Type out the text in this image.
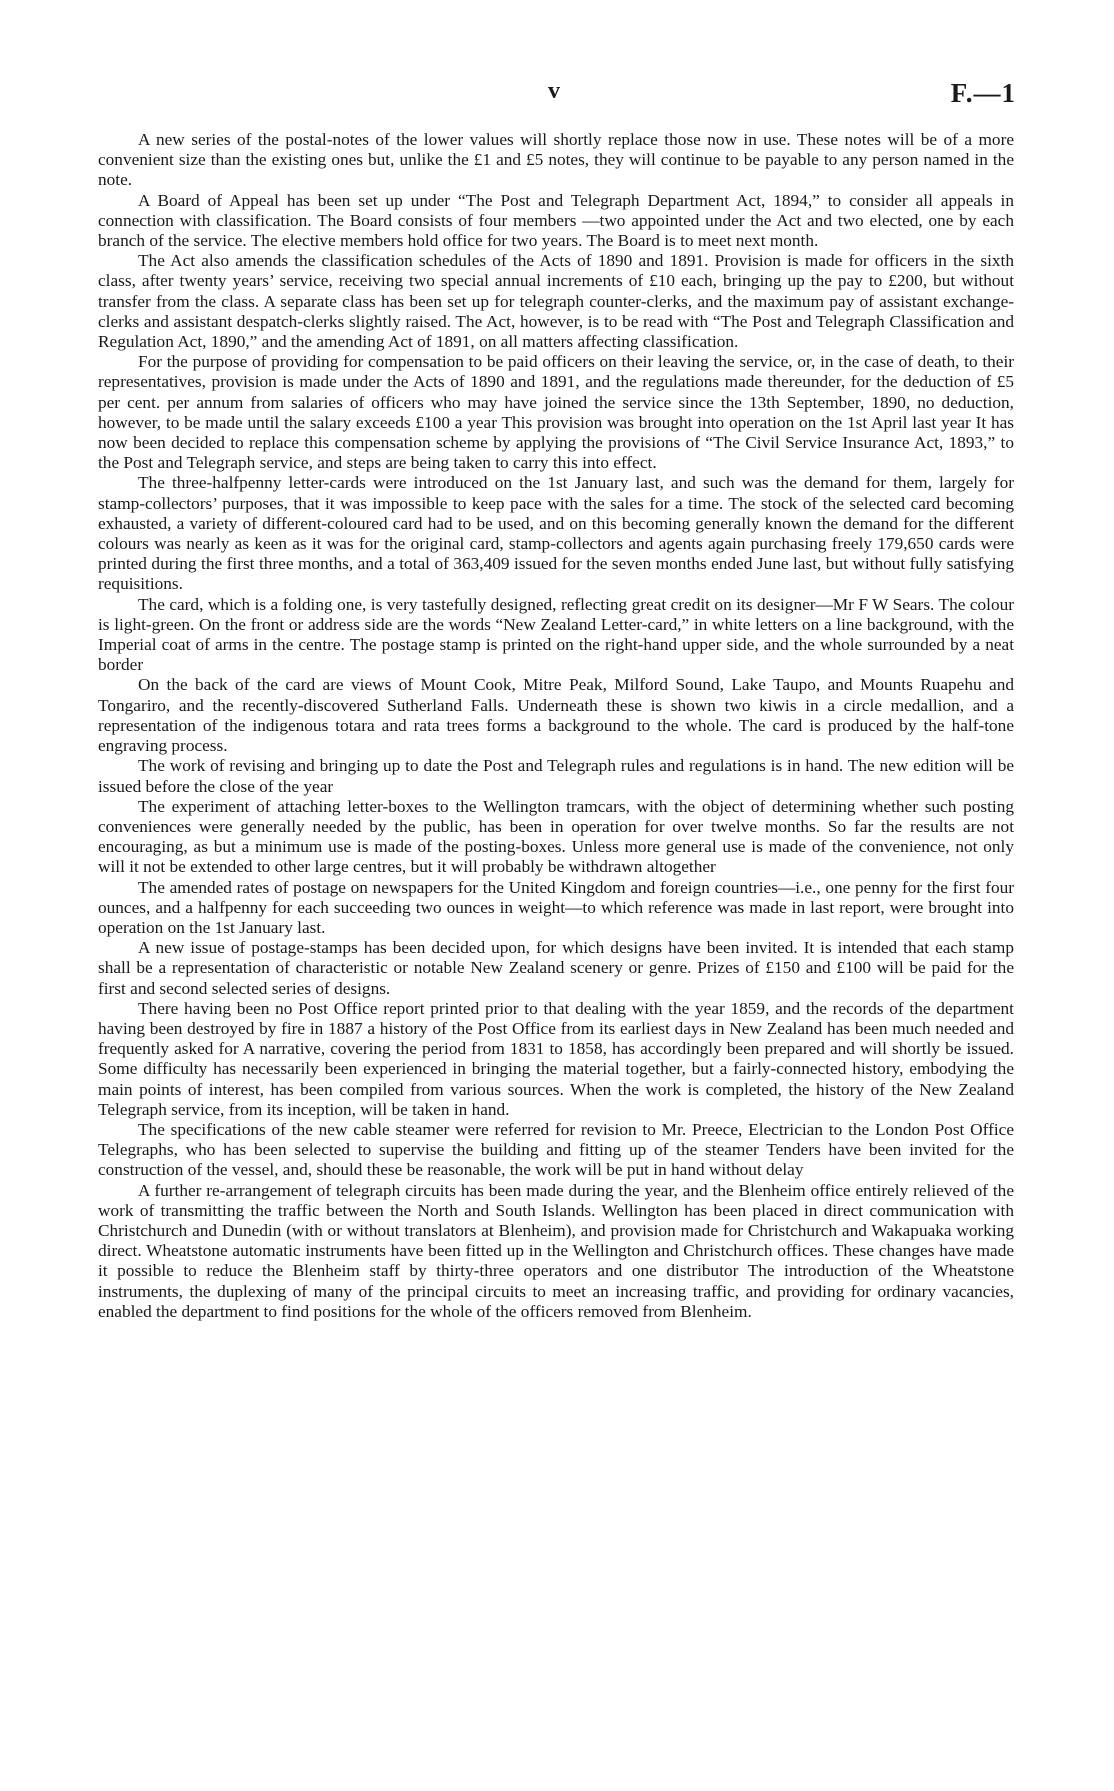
v	F.—1

A new series of the postal-notes of the lower values will shortly replace those now in use. These notes will be of a more convenient size than the existing ones but, unlike the £1 and £5 notes, they will continue to be payable to any person named in the note.

A Board of Appeal has been set up under “The Post and Telegraph Department Act, 1894,” to consider all appeals in connection with classification. The Board consists of four members —two appointed under the Act and two elected, one by each branch of the service. The elective members hold office for two years. The Board is to meet next month.

The Act also amends the classification schedules of the Acts of 1890 and 1891. Provision is made for officers in the sixth class, after twenty years’ service, receiving two special annual increments of £10 each, bringing up the pay to £200, but without transfer from the class. A separate class has been set up for telegraph counter-clerks, and the maximum pay of assistant exchange-clerks and assistant despatch-clerks slightly raised. The Act, however, is to be read with “The Post and Telegraph Classification and Regulation Act, 1890,” and the amending Act of 1891, on all matters affecting classification.

For the purpose of providing for compensation to be paid officers on their leaving the service, or, in the case of death, to their representatives, provision is made under the Acts of 1890 and 1891, and the regulations made thereunder, for the deduction of £5 per cent. per annum from salaries of officers who may have joined the service since the 13th September, 1890, no deduction, however, to be made until the salary exceeds £100 a year This provision was brought into operation on the 1st April last year It has now been decided to replace this compensation scheme by applying the provisions of “The Civil Service Insurance Act, 1893,” to the Post and Telegraph service, and steps are being taken to carry this into effect.

The three-halfpenny letter-cards were introduced on the 1st January last, and such was the demand for them, largely for stamp-collectors’ purposes, that it was impossible to keep pace with the sales for a time. The stock of the selected card becoming exhausted, a variety of different-coloured card had to be used, and on this becoming generally known the demand for the different colours was nearly as keen as it was for the original card, stamp-collectors and agents again purchasing freely 179,650 cards were printed during the first three months, and a total of 363,409 issued for the seven months ended June last, but without fully satisfying requisitions.

The card, which is a folding one, is very tastefully designed, reflecting great credit on its designer—Mr F W Sears. The colour is light-green. On the front or address side are the words “New Zealand Letter-card,” in white letters on a line background, with the Imperial coat of arms in the centre. The postage stamp is printed on the right-hand upper side, and the whole surrounded by a neat border

On the back of the card are views of Mount Cook, Mitre Peak, Milford Sound, Lake Taupo, and Mounts Ruapehu and Tongariro, and the recently-discovered Sutherland Falls. Underneath these is shown two kiwis in a circle medallion, and a representation of the indigenous totara and rata trees forms a background to the whole. The card is produced by the half-tone engraving process.

The work of revising and bringing up to date the Post and Telegraph rules and regulations is in hand. The new edition will be issued before the close of the year

The experiment of attaching letter-boxes to the Wellington tramcars, with the object of determining whether such posting conveniences were generally needed by the public, has been in operation for over twelve months. So far the results are not encouraging, as but a minimum use is made of the posting-boxes. Unless more general use is made of the convenience, not only will it not be extended to other large centres, but it will probably be withdrawn altogether

The amended rates of postage on newspapers for the United Kingdom and foreign countries—i.e., one penny for the first four ounces, and a halfpenny for each succeeding two ounces in weight—to which reference was made in last report, were brought into operation on the 1st January last.

A new issue of postage-stamps has been decided upon, for which designs have been invited. It is intended that each stamp shall be a representation of characteristic or notable New Zealand scenery or genre. Prizes of £150 and £100 will be paid for the first and second selected series of designs.

There having been no Post Office report printed prior to that dealing with the year 1859, and the records of the department having been destroyed by fire in 1887 a history of the Post Office from its earliest days in New Zealand has been much needed and frequently asked for A narrative, covering the period from 1831 to 1858, has accordingly been prepared and will shortly be issued. Some difficulty has necessarily been experienced in bringing the material together, but a fairly-connected history, embodying the main points of interest, has been compiled from various sources. When the work is completed, the history of the New Zealand Telegraph service, from its inception, will be taken in hand.

The specifications of the new cable steamer were referred for revision to Mr. Preece, Electrician to the London Post Office Telegraphs, who has been selected to supervise the building and fitting up of the steamer Tenders have been invited for the construction of the vessel, and, should these be reasonable, the work will be put in hand without delay

A further re-arrangement of telegraph circuits has been made during the year, and the Blenheim office entirely relieved of the work of transmitting the traffic between the North and South Islands. Wellington has been placed in direct communication with Christchurch and Dunedin (with or without translators at Blenheim), and provision made for Christchurch and Wakapuaka working direct. Wheatstone automatic instruments have been fitted up in the Wellington and Christchurch offices. These changes have made it possible to reduce the Blenheim staff by thirty-three operators and one distributor The introduction of the Wheatstone instruments, the duplexing of many of the principal circuits to meet an increasing traffic, and providing for ordinary vacancies, enabled the department to find positions for the whole of the officers removed from Blenheim.
